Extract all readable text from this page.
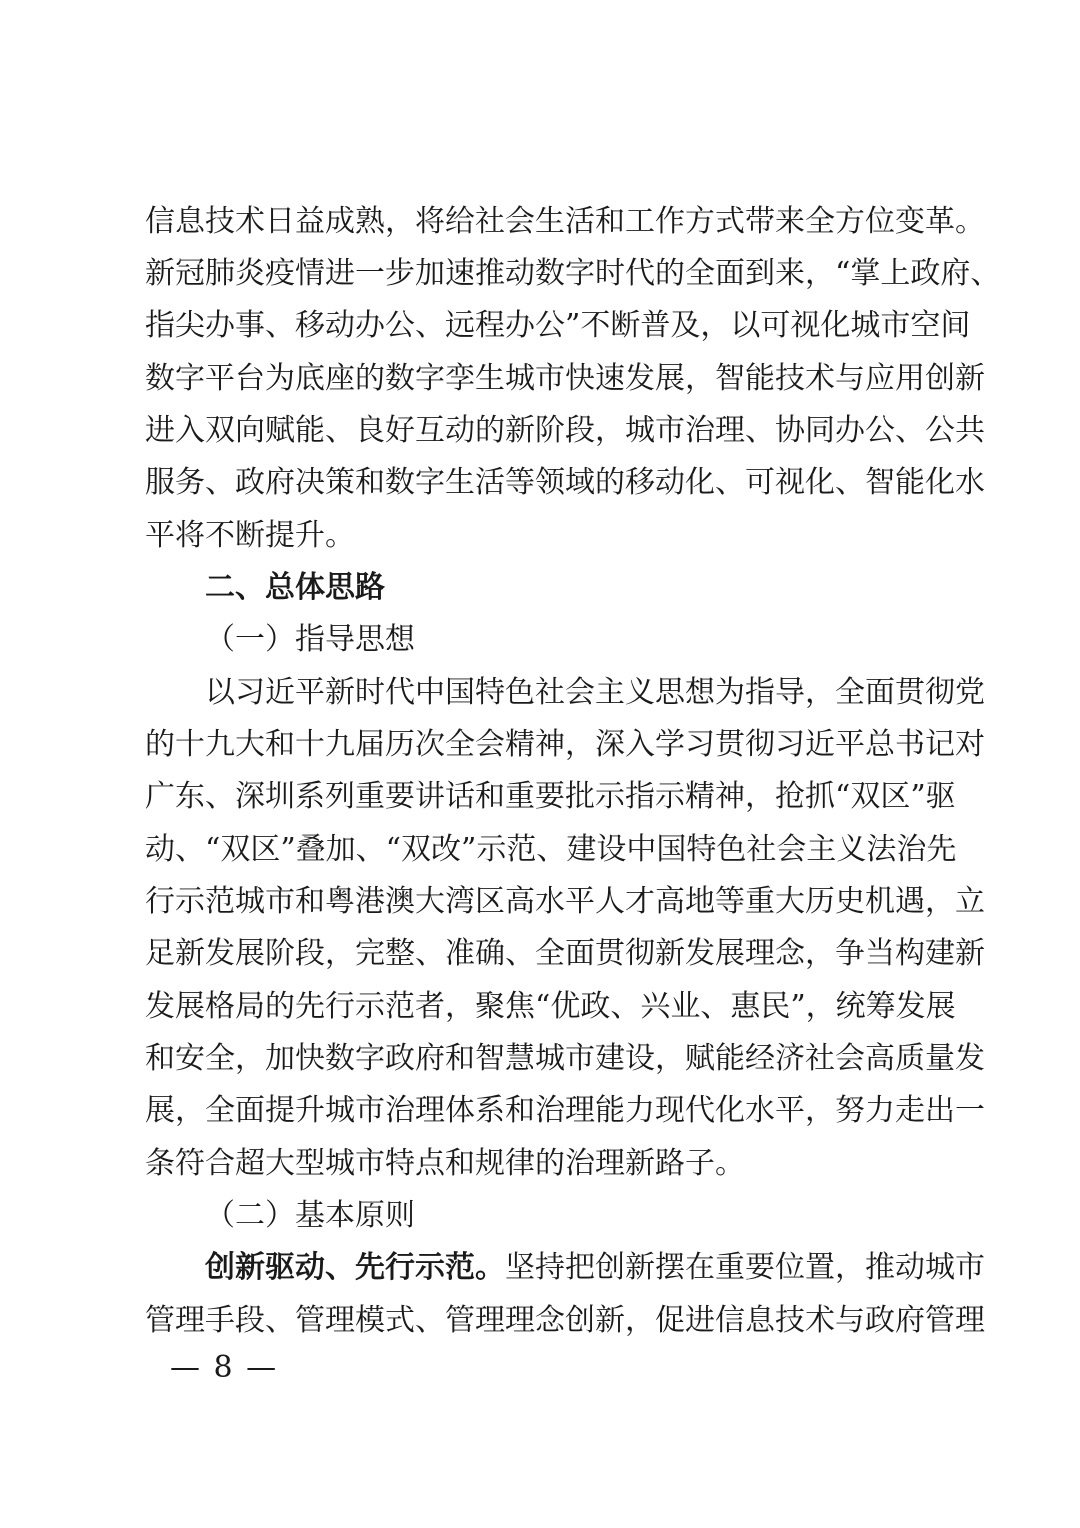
信息技术日益成熟，将给社会生活和工作方式带来全方位变革。
新冠肺炎疫情进一步加速推动数字时代的全面到来，“掌上政府、
指尖办事、移动办公、远程办公”不断普及，以可视化城市空间
数字平台为底座的数字孪生城市快速发展，智能技术与应用创新
进入双向赋能、良好互动的新阶段，城市治理、协同办公、公共
服务、政府决策和数字生活等领域的移动化、可视化、智能化水
平将不断提升。
二、总体思路
（一）指导思想
以习近平新时代中国特色社会主义思想为指导，全面贯彻党
的十九大和十九届历次全会精神，深入学习贯彻习近平总书记对
广东、深圳系列重要讲话和重要批示指示精神，抢抓“双区”驱
动、“双区”叠加、“双改”示范、建设中国特色社会主义法治先
行示范城市和粤港澳大湾区高水平人才高地等重大历史机遇，立
足新发展阶段，完整、准确、全面贯彻新发展理念，争当构建新
发展格局的先行示范者，聚焦“优政、兴业、惠民”，统筹发展
和安全，加快数字政府和智慧城市建设，赋能经济社会高质量发
展，全面提升城市治理体系和治理能力现代化水平，努力走出一
条符合超大型城市特点和规律的治理新路子。
（二）基本原则
创新驱动、先行示范。坚持把创新摆在重要位置，推动城市
管理手段、管理模式、管理理念创新，促进信息技术与政府管理
— 8 —
